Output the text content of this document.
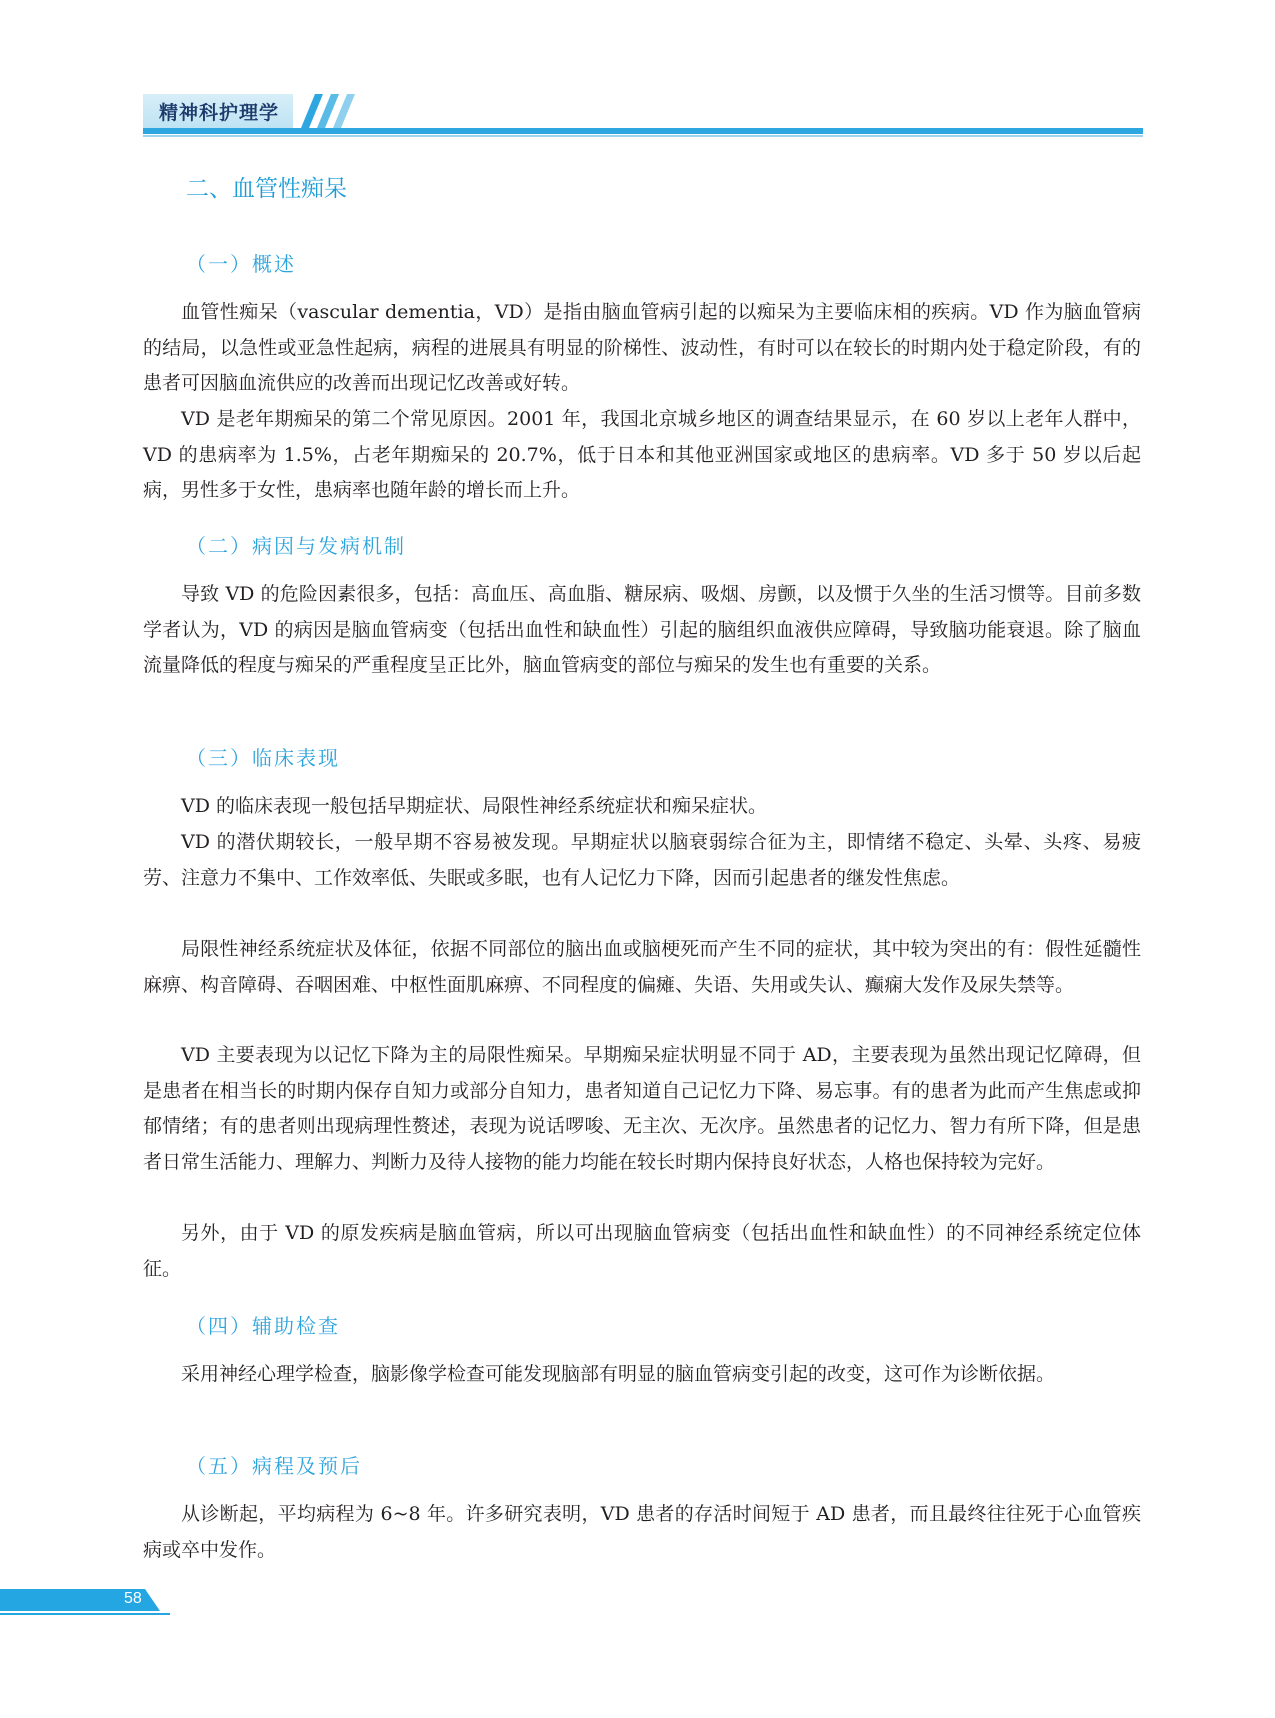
精神科护理学
二、血管性痴呆
（一）概述

血管性痴呆（vascular dementia，VD）是指由脑血管病引起的以痴呆为主要临床相的疾病。VD 作为脑血管病的结局，以急性或亚急性起病，病程的进展具有明显的阶梯性、波动性，有时可以在较长的时期内处于稳定阶段，有的患者可因脑血流供应的改善而出现记忆改善或好转。

VD 是老年期痴呆的第二个常见原因。2001 年，我国北京城乡地区的调查结果显示，在 60 岁以上老年人群中，VD 的患病率为 1.5%，占老年期痴呆的 20.7%，低于日本和其他亚洲国家或地区的患病率。VD 多于 50 岁以后起病，男性多于女性，患病率也随年龄的增长而上升。

（二）病因与发病机制

导致 VD 的危险因素很多，包括：高血压、高血脂、糖尿病、吸烟、房颤，以及惯于久坐的生活习惯等。目前多数学者认为，VD 的病因是脑血管病变（包括出血性和缺血性）引起的脑组织血液供应障碍，导致脑功能衰退。除了脑血流量降低的程度与痴呆的严重程度呈正比外，脑血管病变的部位与痴呆的发生也有重要的关系。

（三）临床表现

VD 的临床表现一般包括早期症状、局限性神经系统症状和痴呆症状。

VD 的潜伏期较长，一般早期不容易被发现。早期症状以脑衰弱综合征为主，即情绪不稳定、头晕、头疼、易疲劳、注意力不集中、工作效率低、失眠或多眠，也有人记忆力下降，因而引起患者的继发性焦虑。

局限性神经系统症状及体征，依据不同部位的脑出血或脑梗死而产生不同的症状，其中较为突出的有：假性延髓性麻痹、构音障碍、吞咽困难、中枢性面肌麻痹、不同程度的偏瘫、失语、失用或失认、癫痫大发作及尿失禁等。

VD 主要表现为以记忆下降为主的局限性痴呆。早期痴呆症状明显不同于 AD，主要表现为虽然出现记忆障碍，但是患者在相当长的时期内保存自知力或部分自知力，患者知道自己记忆力下降、易忘事。有的患者为此而产生焦虑或抑郁情绪；有的患者则出现病理性赘述，表现为说话啰唆、无主次、无次序。虽然患者的记忆力、智力有所下降，但是患者日常生活能力、理解力、判断力及待人接物的能力均能在较长时期内保持良好状态，人格也保持较为完好。

另外，由于 VD 的原发疾病是脑血管病，所以可出现脑血管病变（包括出血性和缺血性）的不同神经系统定位体征。

（四）辅助检查

采用神经心理学检查，脑影像学检查可能发现脑部有明显的脑血管病变引起的改变，这可作为诊断依据。

（五）病程及预后

从诊断起，平均病程为 6~8 年。许多研究表明，VD 患者的存活时间短于 AD 患者，而且最终往往死于心血管疾病或卒中发作。

58
